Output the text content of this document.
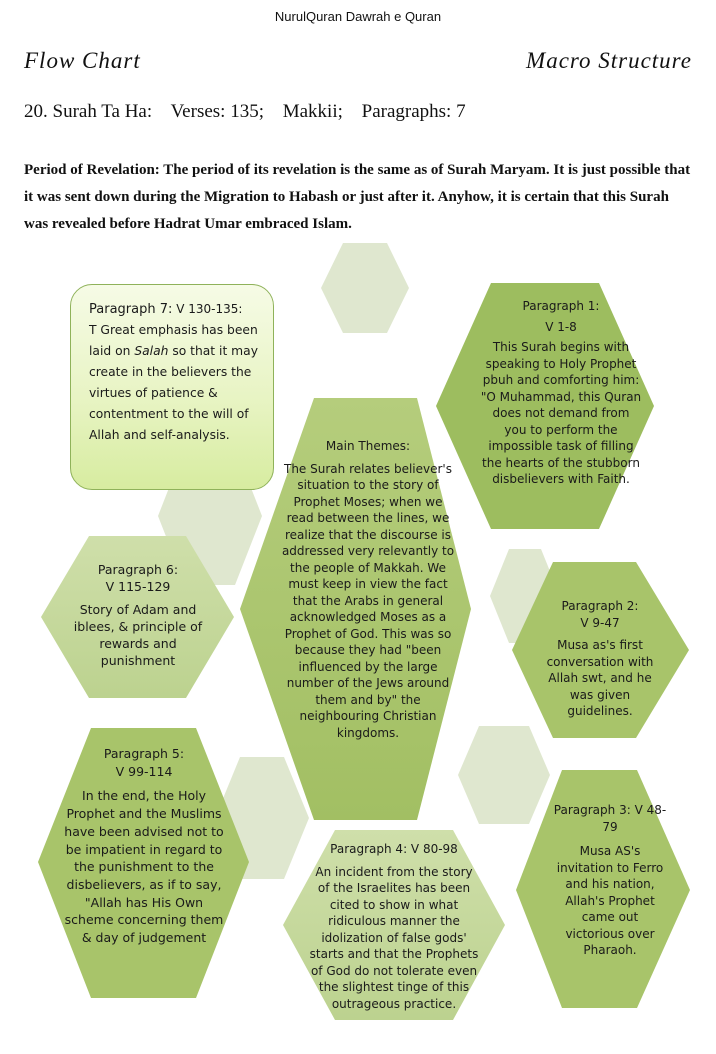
NurulQuran Dawrah e Quran
Flow Chart	Macro Structure
20. Surah Ta Ha: Verses: 135; Makkii; Paragraphs: 7
Period of Revelation: The period of its revelation is the same as of Surah Maryam. It is just possible that it was sent down during the Migration to Habash or just after it. Anyhow, it is certain that this Surah was revealed before Hadrat Umar embraced Islam.
Paragraph 7: V 130-135:
T Great emphasis has been laid on Salah so that it may create in the believers the virtues of patience & contentment to the will of Allah and self-analysis.
Paragraph 1:
V 1-8
This Surah begins with speaking to Holy Prophet pbuh and comforting him: "O Muhammad, this Quran does not demand from you to perform the impossible task of filling the hearts of the stubborn disbelievers with Faith.
Main Themes:
The Surah relates believer's situation to the story of Prophet Moses; when we read between the lines, we realize that the discourse is addressed very relevantly to the people of Makkah. We must keep in view the fact that the Arabs in general acknowledged Moses as a Prophet of God. This was so because they had "been influenced by the large number of the Jews around them and by" the neighbouring Christian kingdoms.
Paragraph 6:
V 115-129
Story of Adam and iblees, & principle of rewards and punishment
Paragraph 2:
V 9-47
Musa as's first conversation with Allah swt, and he was given guidelines.
Paragraph 5:
V 99-114
In the end, the Holy Prophet and the Muslims have been advised not to be impatient in regard to the punishment to the disbelievers, as if to say, "Allah has His Own scheme concerning them & day of judgement
Paragraph 3: V 48-79
Musa AS's invitation to Ferro and his nation, Allah's Prophet came out victorious over Pharaoh.
Paragraph 4: V 80-98
An incident from the story of the Israelites has been cited to show in what ridiculous manner the idolization of false gods' starts and that the Prophets of God do not tolerate even the slightest tinge of this outrageous practice.
